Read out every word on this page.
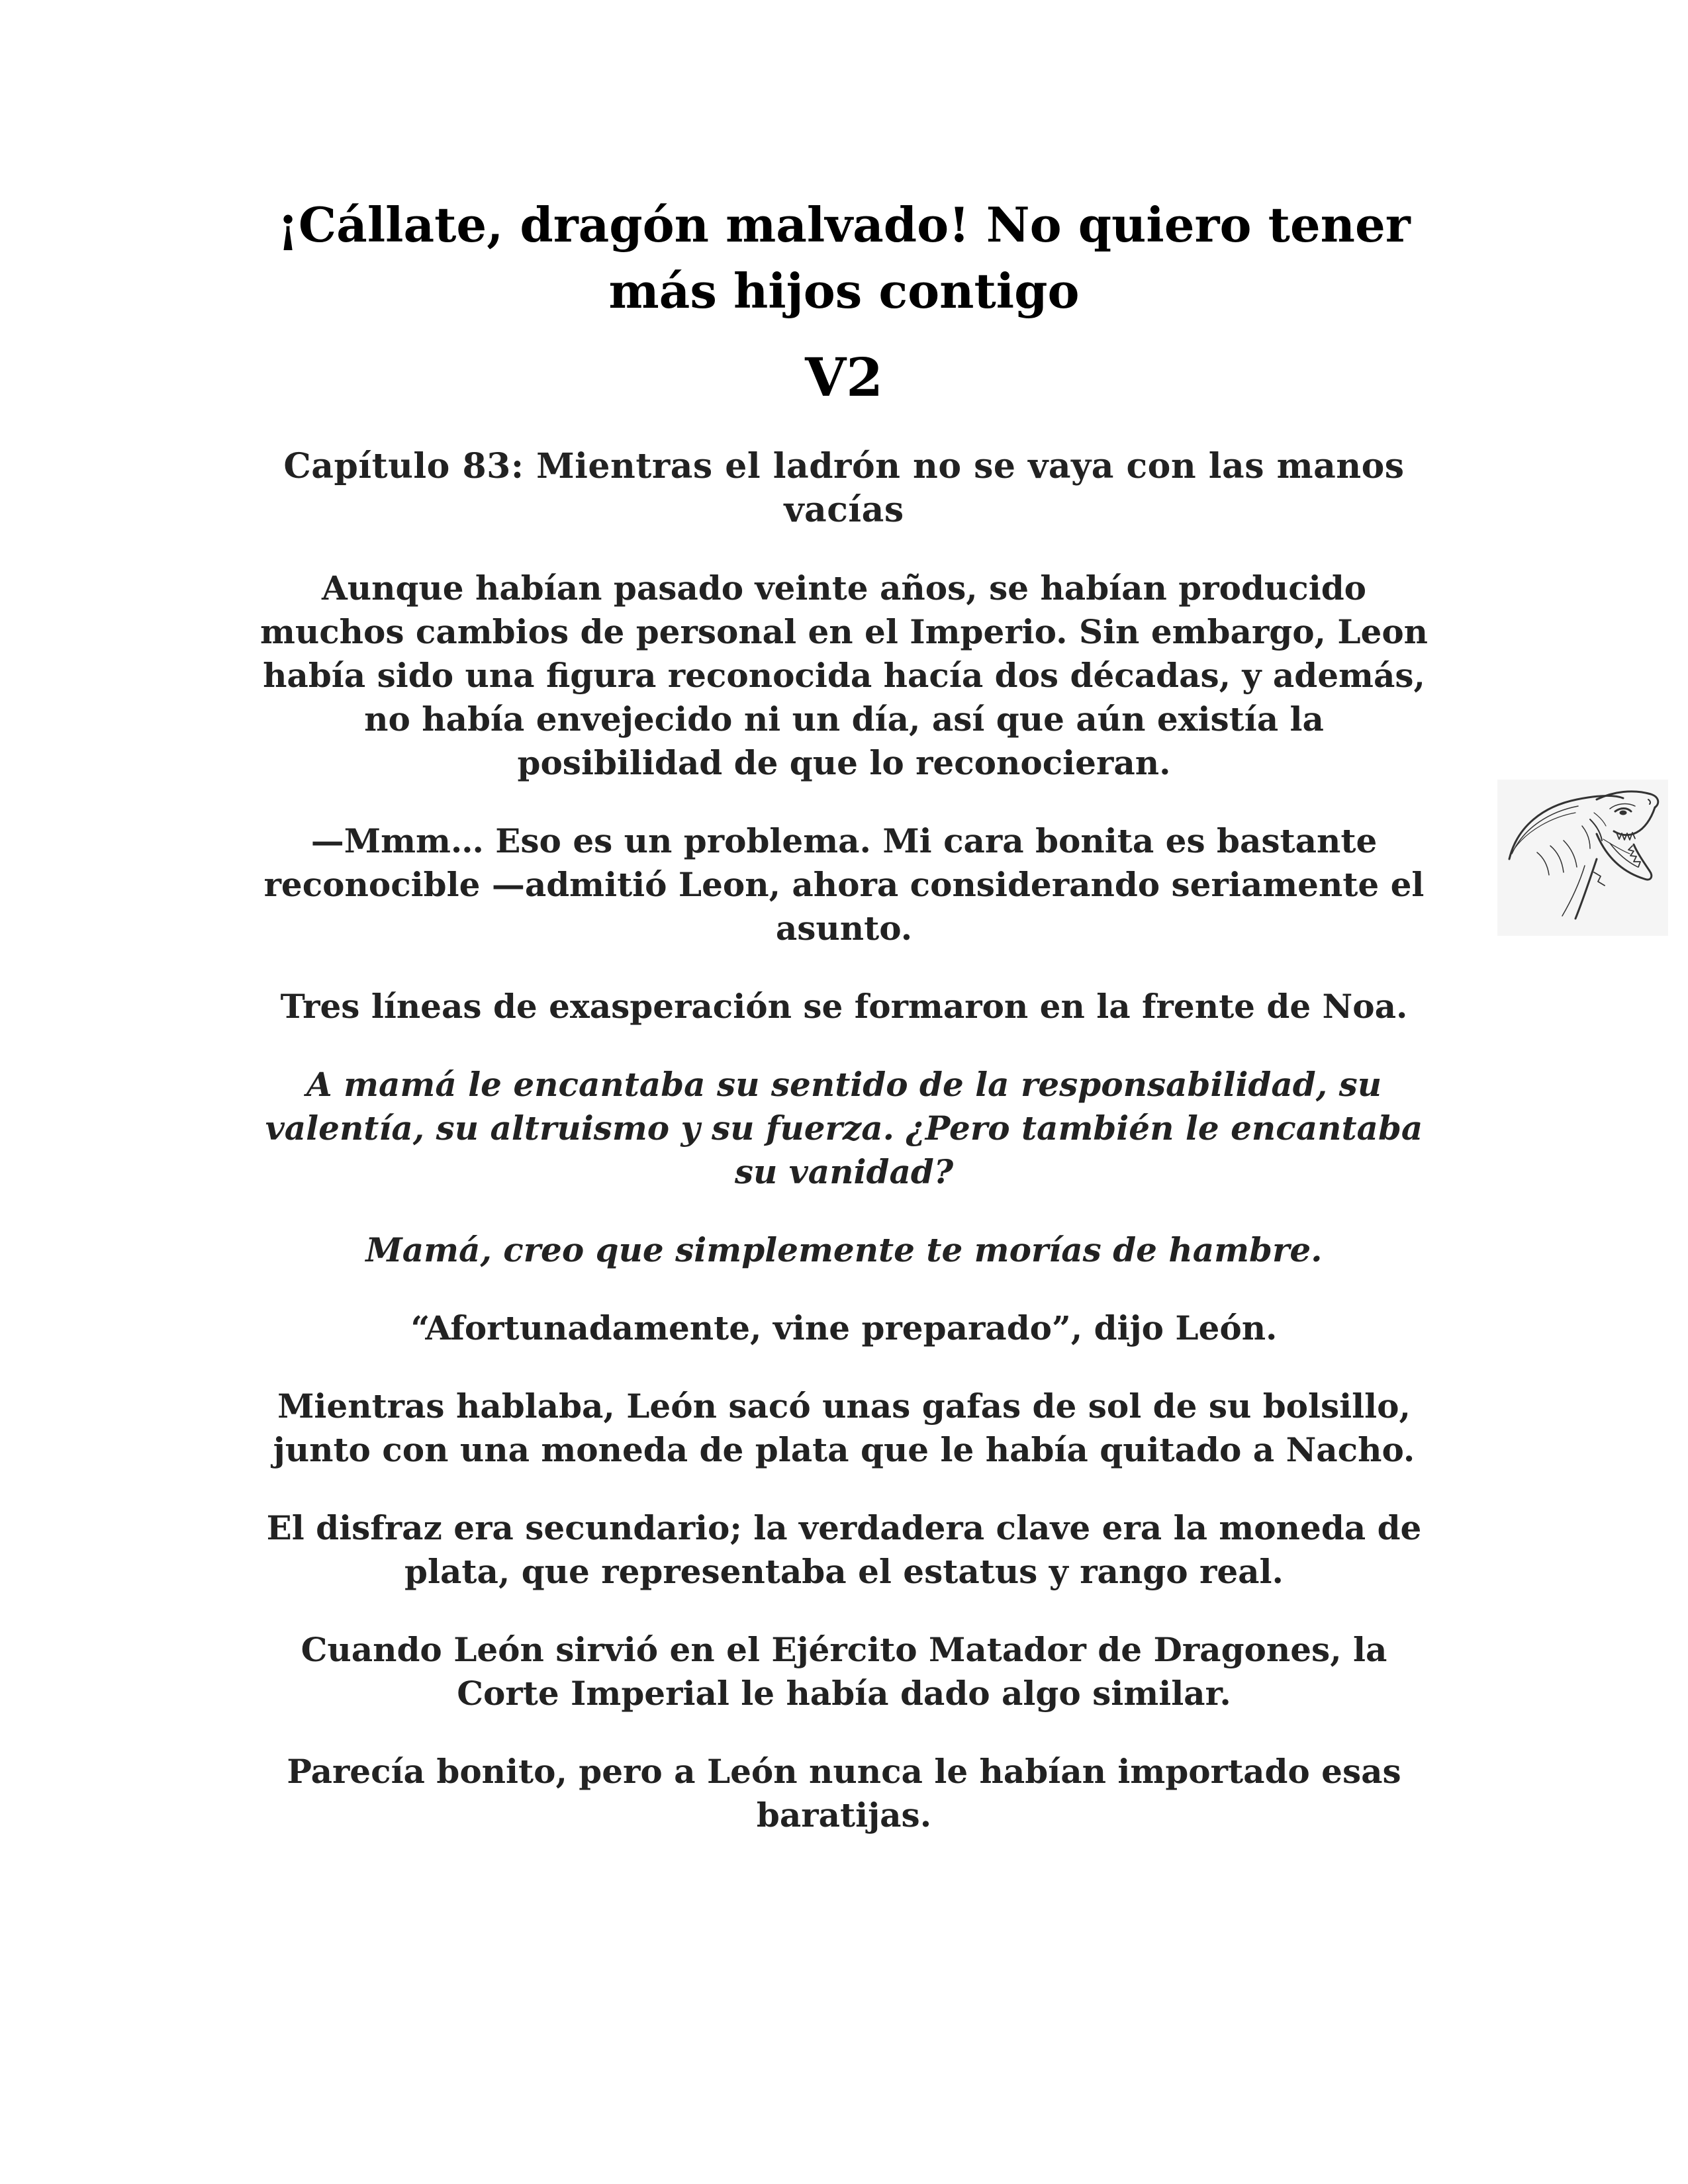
¡Cállate, dragón malvado! No quiero tener
más hijos contigo
V2
Capítulo 83: Mientras el ladrón no se vaya con las manos
vacías
Aunque habían pasado veinte años, se habían producido
muchos cambios de personal en el Imperio. Sin embargo, Leon
había sido una figura reconocida hacía dos décadas, y además,
no había envejecido ni un día, así que aún existía la
posibilidad de que lo reconocieran.
—Mmm… Eso es un problema. Mi cara bonita es bastante
reconocible —admitió Leon, ahora considerando seriamente el
asunto.
Tres líneas de exasperación se formaron en la frente de Noa.
A mamá le encantaba su sentido de la responsabilidad, su
valentía, su altruismo y su fuerza. ¿Pero también le encantaba
su vanidad?
Mamá, creo que simplemente te morías de hambre.
“Afortunadamente, vine preparado”, dijo León.
Mientras hablaba, León sacó unas gafas de sol de su bolsillo,
junto con una moneda de plata que le había quitado a Nacho.
El disfraz era secundario; la verdadera clave era la moneda de
plata, que representaba el estatus y rango real.
Cuando León sirvió en el Ejército Matador de Dragones, la
Corte Imperial le había dado algo similar.
Parecía bonito, pero a León nunca le habían importado esas
baratijas.
